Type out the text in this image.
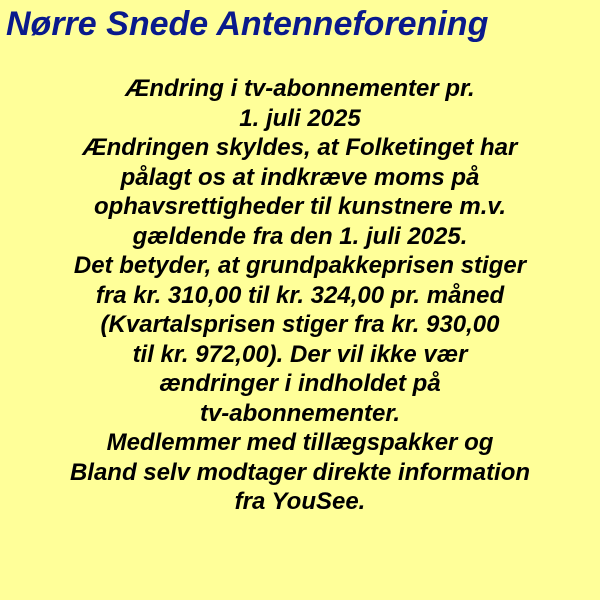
Nørre Snede Antenneforening
Ændring i tv-abonnementer pr.
1. juli 2025
Ændringen skyldes, at Folketinget har
pålagt os at indkræve moms på
ophavsrettigheder til kunstnere m.v.
gældende fra den 1. juli 2025.
Det betyder, at grundpakkeprisen stiger
fra kr. 310,00 til kr. 324,00 pr. måned
(Kvartalsprisen stiger fra kr. 930,00
til kr. 972,00). Der vil ikke vær
ændringer i indholdet på
tv-abonnementer.
Medlemmer med tillægspakker og
Bland selv modtager direkte information
fra YouSee.
